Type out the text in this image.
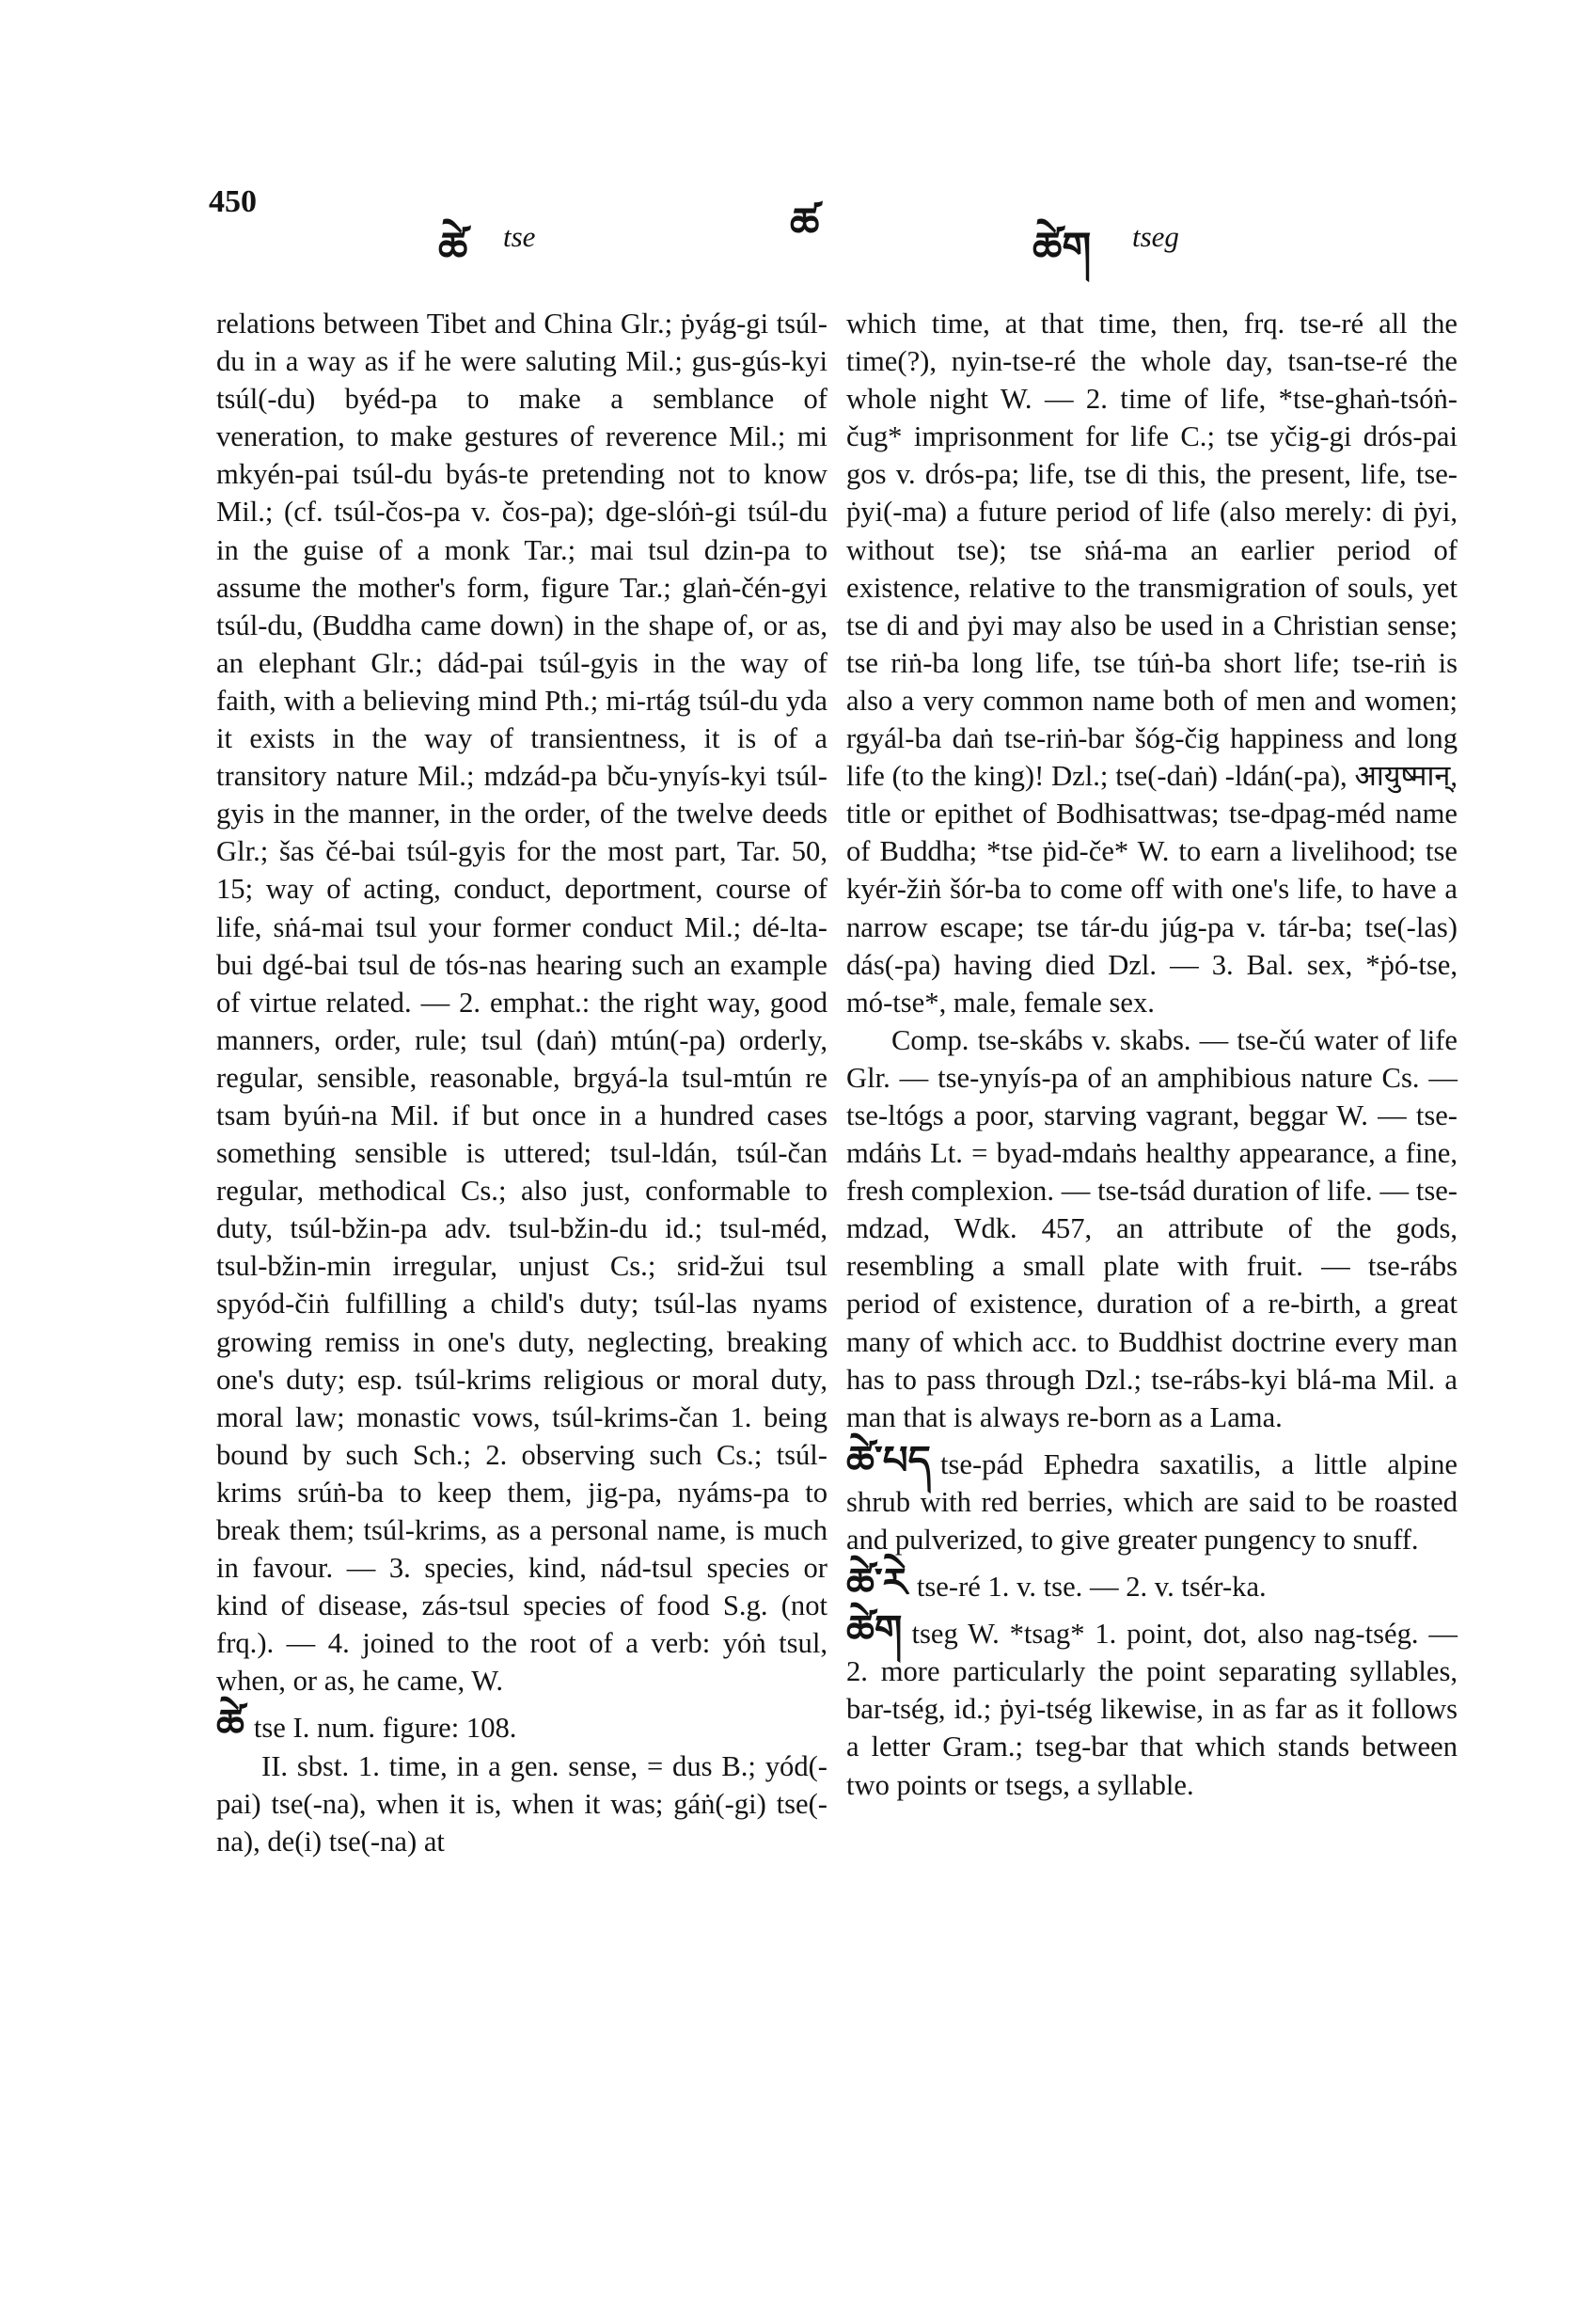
450
ཚེ tse	ཚ
ཚེག tseg

relations between Tibet and China Glr.; ṗyág-gi tsúl-du in a way as if he were saluting Mil.; gus-gús-kyi tsúl(-du) byéd-pa to make a semblance of veneration, to make gestures of reverence Mil.; mi mkyén-pai tsúl-du byás-te pretending not to know Mil.; (cf. tsúl-čos-pa v. čos-pa); dge-slóṅ-gi tsúl-du in the guise of a monk Tar.; mai tsul dzin-pa to assume the mother's form, figure Tar.; glaṅ-čén-gyi tsúl-du, (Buddha came down) in the shape of, or as, an elephant Glr.; dád-pai tsúl-gyis in the way of faith, with a believing mind Pth.; mi-rtág tsúl-du yda it exists in the way of transientness, it is of a transitory nature Mil.; mdzád-pa bču-ynyís-kyi tsúl-gyis in the manner, in the order, of the twelve deeds Glr.; šas čé-bai tsúl-gyis for the most part, Tar. 50, 15; way of acting, conduct, deportment, course of life, sṅá-mai tsul your former conduct Mil.; dé-lta-bui dgé-bai tsul de tós-nas hearing such an example of virtue related. — 2. emphat.: the right way, good manners, order, rule; tsul (daṅ) mtún(-pa) orderly, regular, sensible, reasonable, brgyá-la tsul-mtún re tsam byúṅ-na Mil. if but once in a hundred cases something sensible is uttered; tsul-ldán, tsúl-čan regular, methodical Cs.; also just, conformable to duty, tsúl-bžin-pa adv. tsul-bžin-du id.; tsul-méd, tsul-bžin-min irregular, unjust Cs.; srid-žui tsul spyód-čiṅ fulfilling a child's duty; tsúl-las nyams growing remiss in one's duty, neglecting, breaking one's duty; esp. tsúl-krims religious or moral duty, moral law; monastic vows, tsúl-krims-čan 1. being bound by such Sch.; 2. observing such Cs.; tsúl-krims srúṅ-ba to keep them, jig-pa, nyáms-pa to break them; tsúl-krims, as a personal name, is much in favour. — 3. species, kind, nád-tsul species or kind of disease, zás-tsul species of food S.g. (not frq.). — 4. joined to the root of a verb: yóṅ tsul, when, or as, he came, W.

ཚེ tse I. num. figure: 108.

II. sbst. 1. time, in a gen. sense, = dus B.; yód(-pai) tse(-na), when it is, when it was; gáṅ(-gi) tse(-na), de(i) tse(-na) at

which time, at that time, then, frq. tse-ré all the time(?), nyin-tse-ré the whole day, tsan-tse-ré the whole night W. — 2. time of life, *tse-ghaṅ-tsóṅ-čug* imprisonment for life C.; tse yčig-gi drós-pai gos v. drós-pa; life, tse di this, the present, life, tse-ṗyi(-ma) a future period of life (also merely: di ṗyi, without tse); tse sṅá-ma an earlier period of existence, relative to the transmigration of souls, yet tse di and ṗyi may also be used in a Christian sense; tse riṅ-ba long life, tse túṅ-ba short life; tse-riṅ is also a very common name both of men and women; rgyál-ba daṅ tse-riṅ-bar šóg-čig happiness and long life (to the king)! Dzl.; tse(-daṅ) -ldán(-pa), आयुष्मान्, title or epithet of Bodhisattwas; tse-dpag-méd name of Buddha; *tse ṗid-če* W. to earn a livelihood; tse kyér-žiṅ šór-ba to come off with one's life, to have a narrow escape; tse tár-du júg-pa v. tár-ba; tse(-las) dás(-pa) having died Dzl. — 3. Bal. sex, *ṗó-tse, mó-tse*, male, female sex.

Comp. tse-skábs v. skabs. — tse-čú water of life Glr. — tse-ynyís-pa of an amphibious nature Cs. — tse-ltógs a poor, starving vagrant, beggar W. — tse-mdáṅs Lt. = byad-mdaṅs healthy appearance, a fine, fresh complexion. — tse-tsád duration of life. — tse-mdzad, Wdk. 457, an attribute of the gods, resembling a small plate with fruit. — tse-rábs period of existence, duration of a re-birth, a great many of which acc. to Buddhist doctrine every man has to pass through Dzl.; tse-rábs-kyi blá-ma Mil. a man that is always re-born as a Lama.

ཚེ་པད tse-pád Ephedra saxatilis, a little alpine shrub with red berries, which are said to be roasted and pulverized, to give greater pungency to snuff.

ཚེ་རེ tse-ré 1. v. tse. — 2. v. tsér-ka.

ཚེག tseg W. *tsag* 1. point, dot, also nag-tség. — 2. more particularly the point separating syllables, bar-tség, id.; ṗyi-tség likewise, in as far as it follows a letter Gram.; tseg-bar that which stands between two points or tsegs, a syllable.
